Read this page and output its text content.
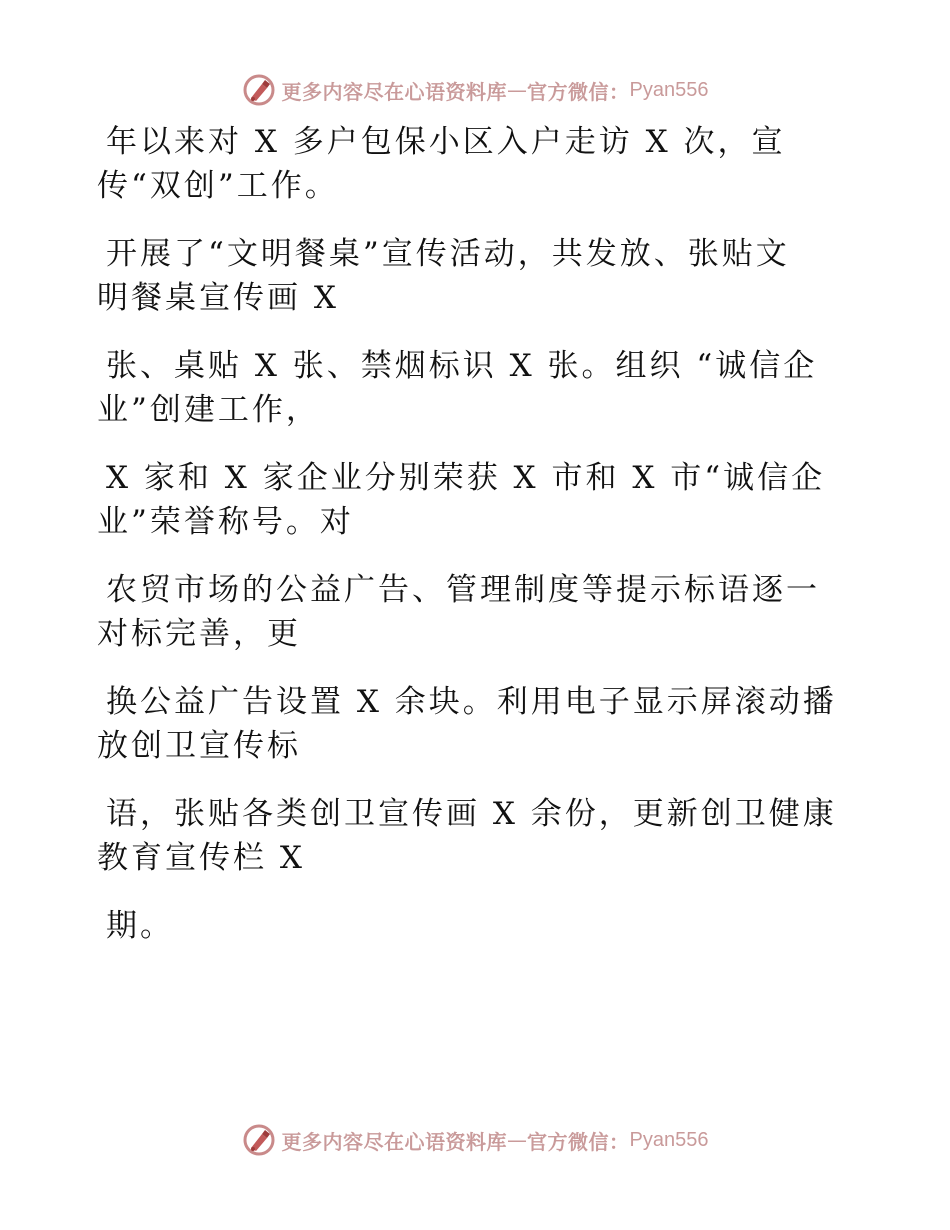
更多内容尽在心语资料库 — 官方微信： Pyan556
年以来对 X 多户包保小区入户走访 X 次，宣
传“双创”工作。
开展了“文明餐桌”宣传活动，共发放、张贴文
明餐桌宣传画 X
张、桌贴 X 张、禁烟标识 X 张。组织 “诚信企
业”创建工作，
X 家和 X 家企业分别荣获 X 市和 X 市“诚信企
业”荣誉称号。对
农贸市场的公益广告、管理制度等提示标语逐一
对标完善，更
换公益广告设置 X 余块。利用电子显示屏滚动播
放创卫宣传标
语，张贴各类创卫宣传画 X 余份，更新创卫健康
教育宣传栏 X
期。
更多内容尽在心语资料库 — 官方微信： Pyan556
